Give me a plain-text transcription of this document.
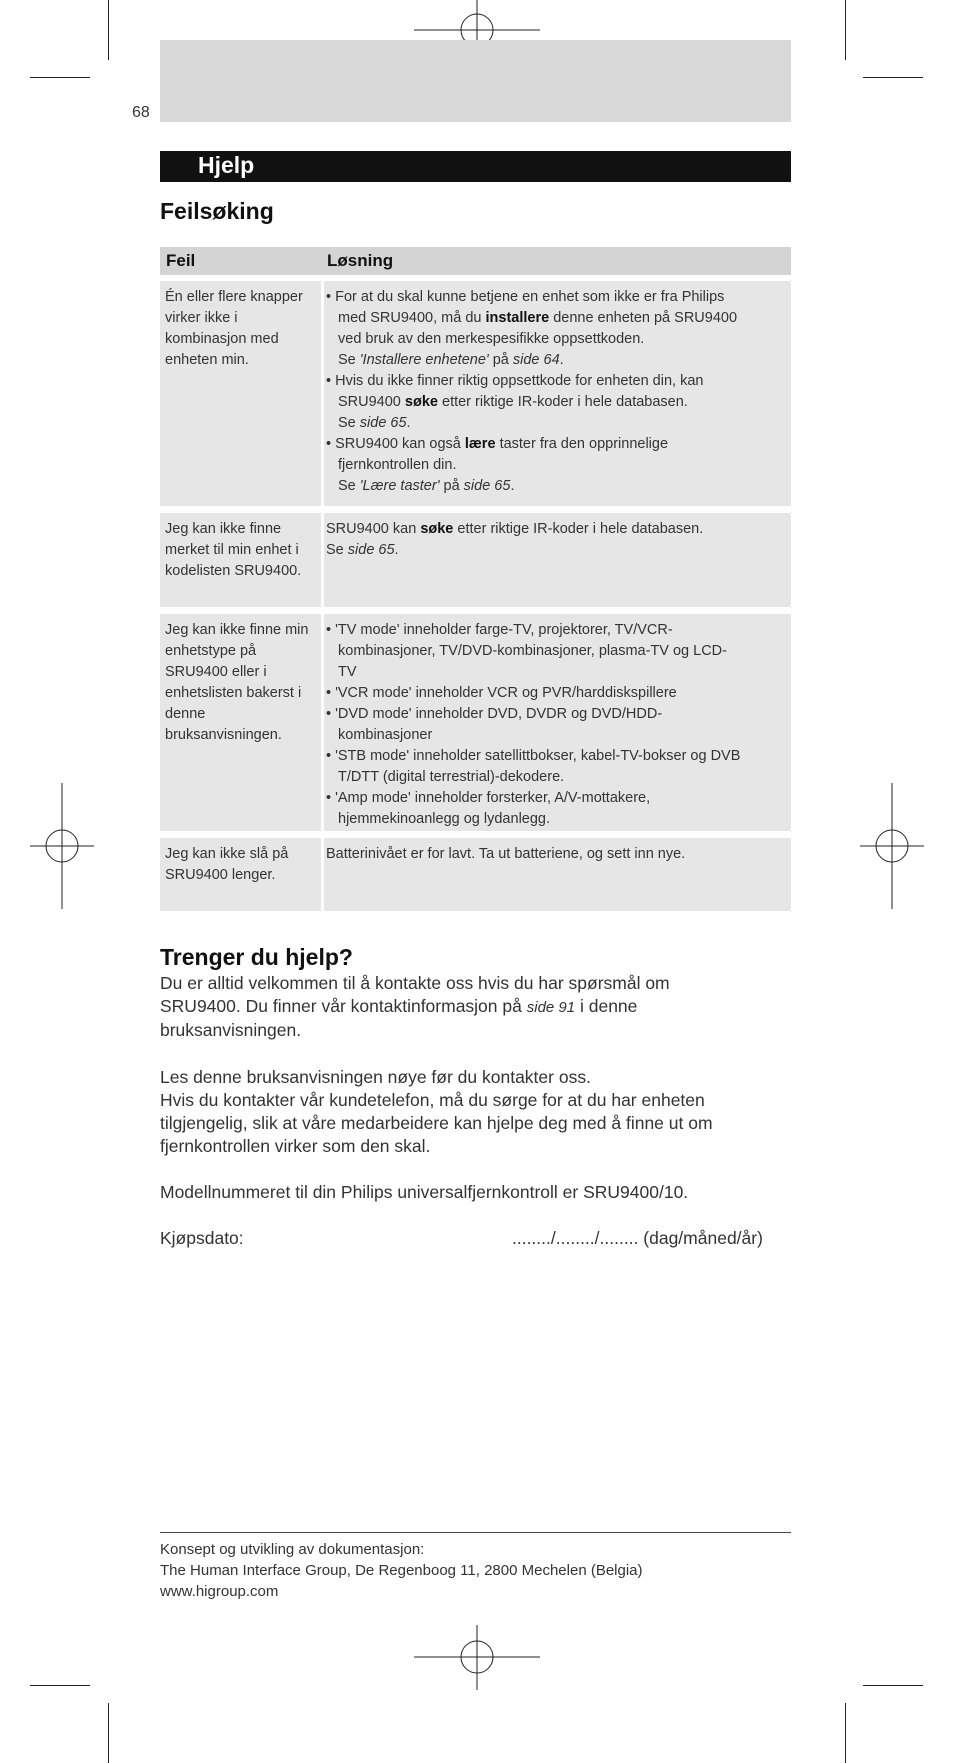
68
Hjelp
Feilsøking
Feil	Løsning
Én eller flere knapper virker ikke i kombinasjon med enheten min.
• For at du skal kunne betjene en enhet som ikke er fra Philips
med SRU9400, må du installere denne enheten på SRU9400
ved bruk av den merkespesifikke oppsettkoden.
Se 'Installere enhetene' på side 64.
• Hvis du ikke finner riktig oppsettkode for enheten din, kan
SRU9400 søke etter riktige IR-koder i hele databasen.
Se side 65.
• SRU9400 kan også lære taster fra den opprinnelige
fjernkontrollen din.
Se 'Lære taster' på side 65.
Jeg kan ikke finne merket til min enhet i kodelisten SRU9400.
SRU9400 kan søke etter riktige IR-koder i hele databasen.
Se side 65.
Jeg kan ikke finne min enhetstype på SRU9400 eller i enhetslisten bakerst i denne bruksanvisningen.
• 'TV mode' inneholder farge-TV, projektorer, TV/VCR-
kombinasjoner, TV/DVD-kombinasjoner, plasma-TV og LCD-
TV
• 'VCR mode' inneholder VCR og PVR/harddiskspillere
• 'DVD mode' inneholder DVD, DVDR og DVD/HDD-
kombinasjoner
• 'STB mode' inneholder satellittbokser, kabel-TV-bokser og DVB
T/DTT (digital terrestrial)-dekodere.
• 'Amp mode' inneholder forsterker, A/V-mottakere,
hjemmekinoanlegg og lydanlegg.
Jeg kan ikke slå på SRU9400 lenger.
Batterinivået er for lavt. Ta ut batteriene, og sett inn nye.
Trenger du hjelp?
Du er alltid velkommen til å kontakte oss hvis du har spørsmål om
SRU9400. Du finner vår kontaktinformasjon på side 91 i denne
bruksanvisningen.
Les denne bruksanvisningen nøye før du kontakter oss.
Hvis du kontakter vår kundetelefon, må du sørge for at du har enheten
tilgjengelig, slik at våre medarbeidere kan hjelpe deg med å finne ut om
fjernkontrollen virker som den skal.
Modellnummeret til din Philips universalfjernkontroll er SRU9400/10.
Kjøpsdato:	......../......../........ (dag/måned/år)
Konsept og utvikling av dokumentasjon:
The Human Interface Group, De Regenboog 11, 2800 Mechelen (Belgia)
www.higroup.com
